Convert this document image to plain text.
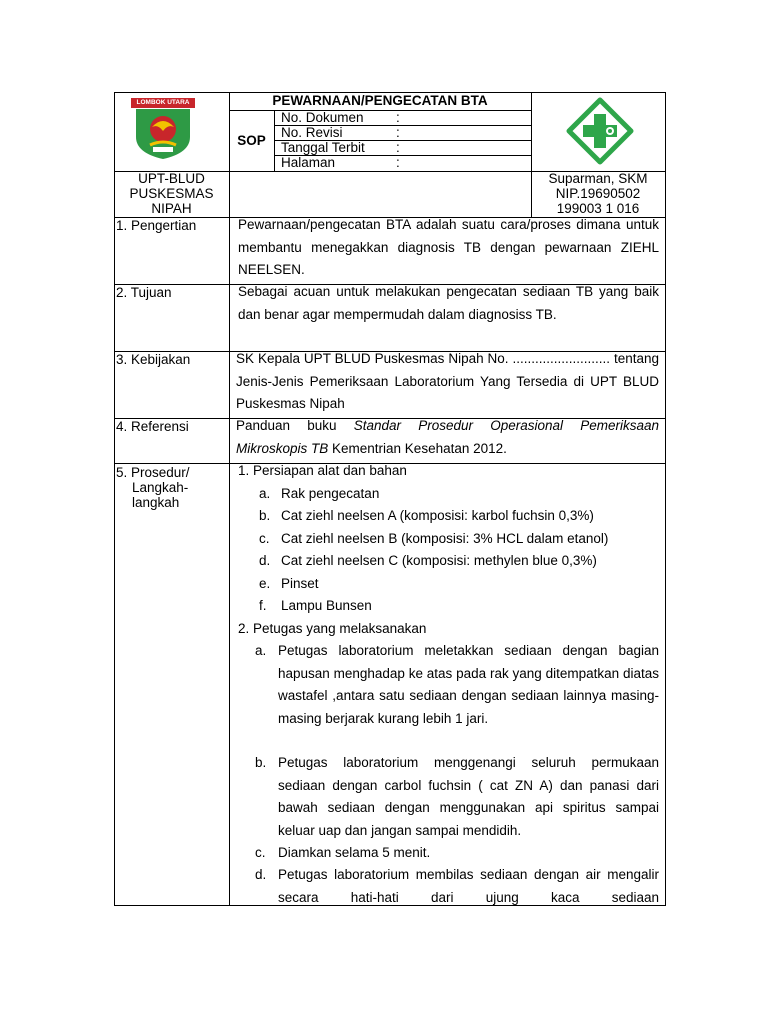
LOMBOK UTARA	PEWARNAAN/PENGECATAN BTA
SOP
No. Dokumen :
No. Revisi	:
Tanggal Terbit :
Halaman	:
UPT-BLUD
PUSKESMAS
NIPAH
Suparman, SKM
NIP.19690502
199003 1 016
1. Pengertian	Pewarnaan/pengecatan BTA adalah suatu cara/proses dimana untuk membantu menegakkan diagnosis TB dengan pewarnaan ZIEHL NEELSEN.
2. Tujuan	Sebagai acuan untuk melakukan pengecatan sediaan TB yang baik dan benar agar mempermudah dalam diagnosiss TB.
3. Kebijakan	SK Kepala UPT BLUD Puskesmas Nipah No. .......................... tentang Jenis-Jenis Pemeriksaan Laboratorium Yang Tersedia di UPT BLUD Puskesmas Nipah
4. Referensi	Panduan buku Standar Prosedur Operasional Pemeriksaan Mikroskopis TB Kementrian Kesehatan 2012.
5. Prosedur/
Langkah-
langkah
1. Persiapan alat dan bahan
a. Rak pengecatan
b. Cat ziehl neelsen A (komposisi: karbol fuchsin 0,3%)
c. Cat ziehl neelsen B (komposisi: 3% HCL dalam etanol)
d. Cat ziehl neelsen C (komposisi: methylen blue 0,3%)
e. Pinset
f. Lampu Bunsen
2. Petugas yang melaksanakan
a. Petugas laboratorium meletakkan sediaan dengan bagian hapusan menghadap ke atas pada rak yang ditempatkan diatas wastafel ,antara satu sediaan dengan sediaan lainnya masing-masing berjarak kurang lebih 1 jari.
b. Petugas laboratorium menggenangi seluruh permukaan sediaan dengan carbol fuchsin ( cat ZN A) dan panasi dari bawah sediaan dengan menggunakan api spiritus sampai keluar uap dan jangan sampai mendidih.
c. Diamkan selama 5 menit.
d. Petugas laboratorium membilas sediaan dengan air mengalir secara hati-hati dari ujung kaca sediaan
